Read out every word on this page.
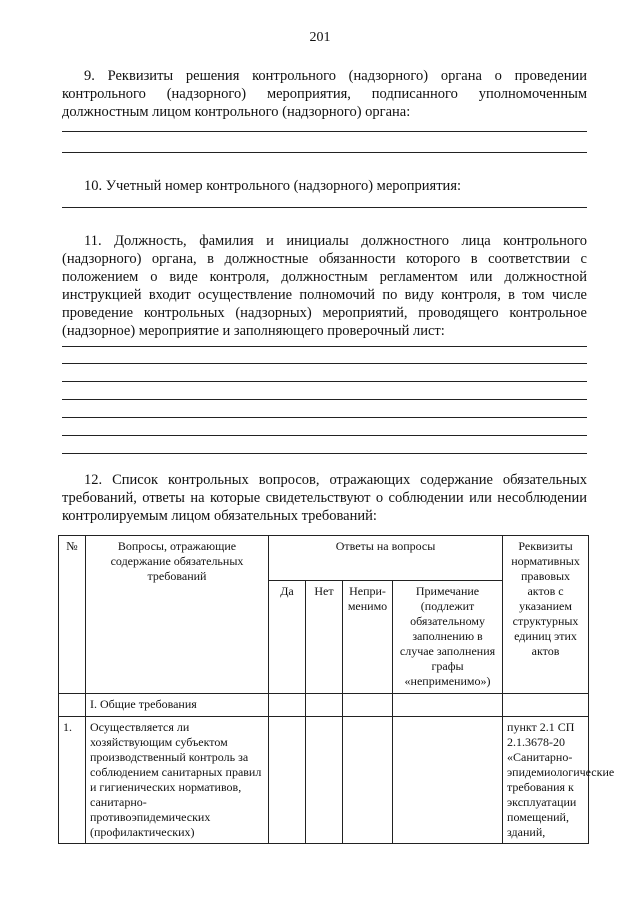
201
9. Реквизиты решения контрольного (надзорного) органа о проведении контрольного (надзорного) мероприятия, подписанного уполномоченным должностным лицом контрольного (надзорного) органа:
10. Учетный номер контрольного (надзорного) мероприятия:
11. Должность, фамилия и инициалы должностного лица контрольного (надзорного) органа, в должностные обязанности которого в соответствии с положением о виде контроля, должностным регламентом или должностной инструкцией входит осуществление полномочий по виду контроля, в том числе проведение контрольных (надзорных) мероприятий, проводящего контрольное (надзорное) мероприятие и заполняющего проверочный лист:
12. Список контрольных вопросов, отражающих содержание обязательных требований, ответы на которые свидетельствуют о соблюдении или несоблюдении контролируемым лицом обязательных требований:
№	Вопросы, отражающие содержание обязательных требований	Ответы на вопросы				Реквизиты нормативных правовых актов с указанием структурных единиц этих актов
		Да	Нет	Непри-менимо	Примечание (подлежит обязательному заполнению в случае заполнения графы «неприменимо»)	
	I. Общие требования					
1.	Осуществляется ли хозяйствующим субъектом производственный контроль за соблюдением санитарных правил и гигиенических нормативов, санитарно-противоэпидемических (профилактических)					пункт 2.1 СП 2.1.3678-20 «Санитарно-эпидемиологические требования к эксплуатации помещений, зданий,
